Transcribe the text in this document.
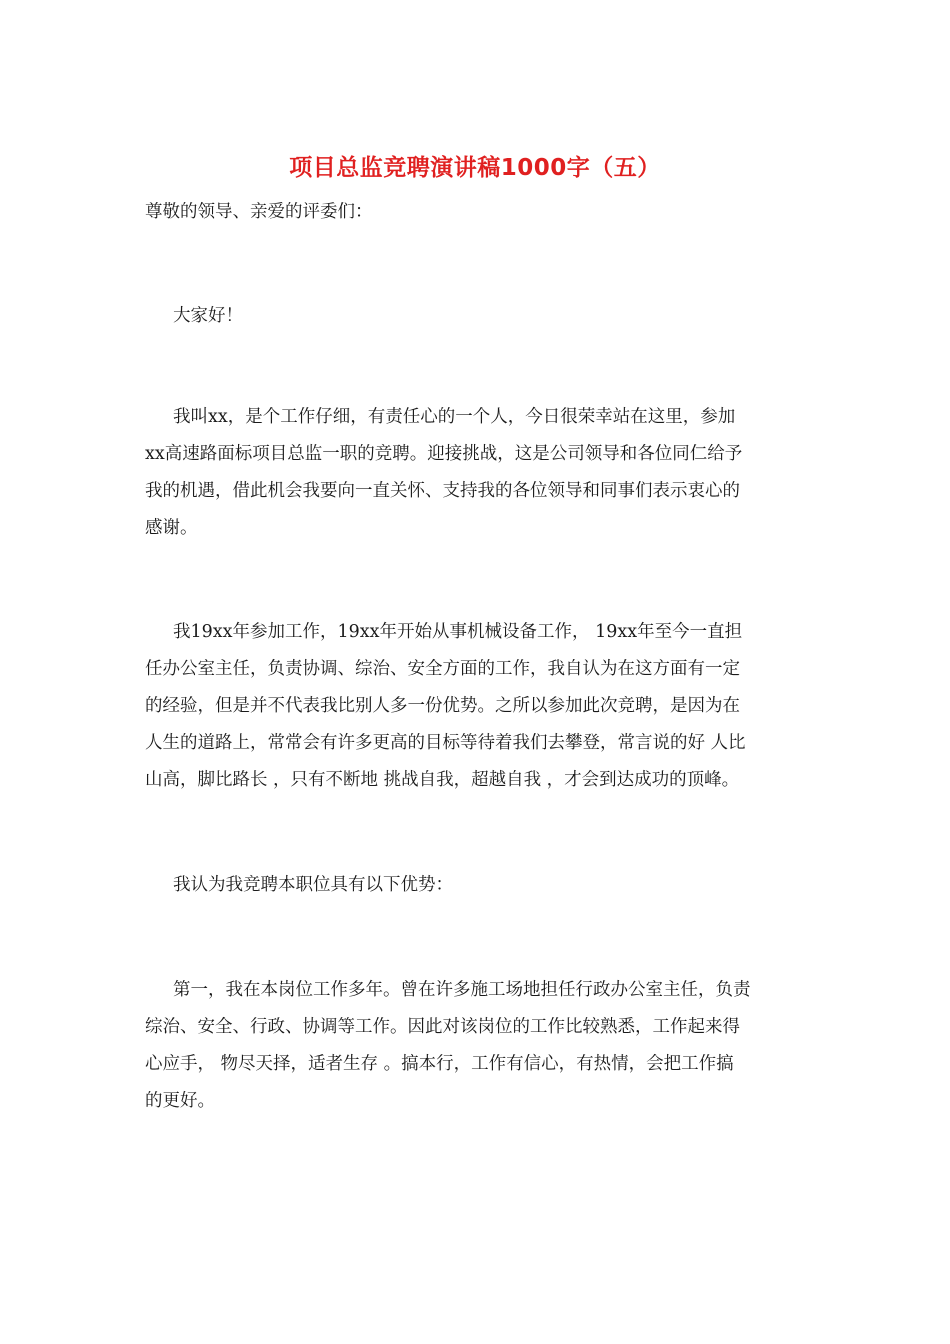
项目总监竞聘演讲稿1000字（五）

尊敬的领导、亲爱的评委们：

大家好！

我叫xx，是个工作仔细，有责任心的一个人，今日很荣幸站在这里，参加
xx高速路面标项目总监一职的竞聘。迎接挑战，这是公司领导和各位同仁给予
我的机遇，借此机会我要向一直关怀、支持我的各位领导和同事们表示衷心的
感谢。

我19xx年参加工作，19xx年开始从事机械设备工作， 19xx年至今一直担
任办公室主任，负责协调、综治、安全方面的工作，我自认为在这方面有一定
的经验，但是并不代表我比别人多一份优势。之所以参加此次竞聘，是因为在
人生的道路上，常常会有许多更高的目标等待着我们去攀登，常言说的好 人比
山高，脚比路长 ，只有不断地 挑战自我，超越自我 ，才会到达成功的顶峰。

我认为我竞聘本职位具有以下优势：

第一，我在本岗位工作多年。曾在许多施工场地担任行政办公室主任，负责
综治、安全、行政、协调等工作。因此对该岗位的工作比较熟悉，工作起来得
心应手， 物尽天择，适者生存 。搞本行，工作有信心，有热情，会把工作搞
的更好。
